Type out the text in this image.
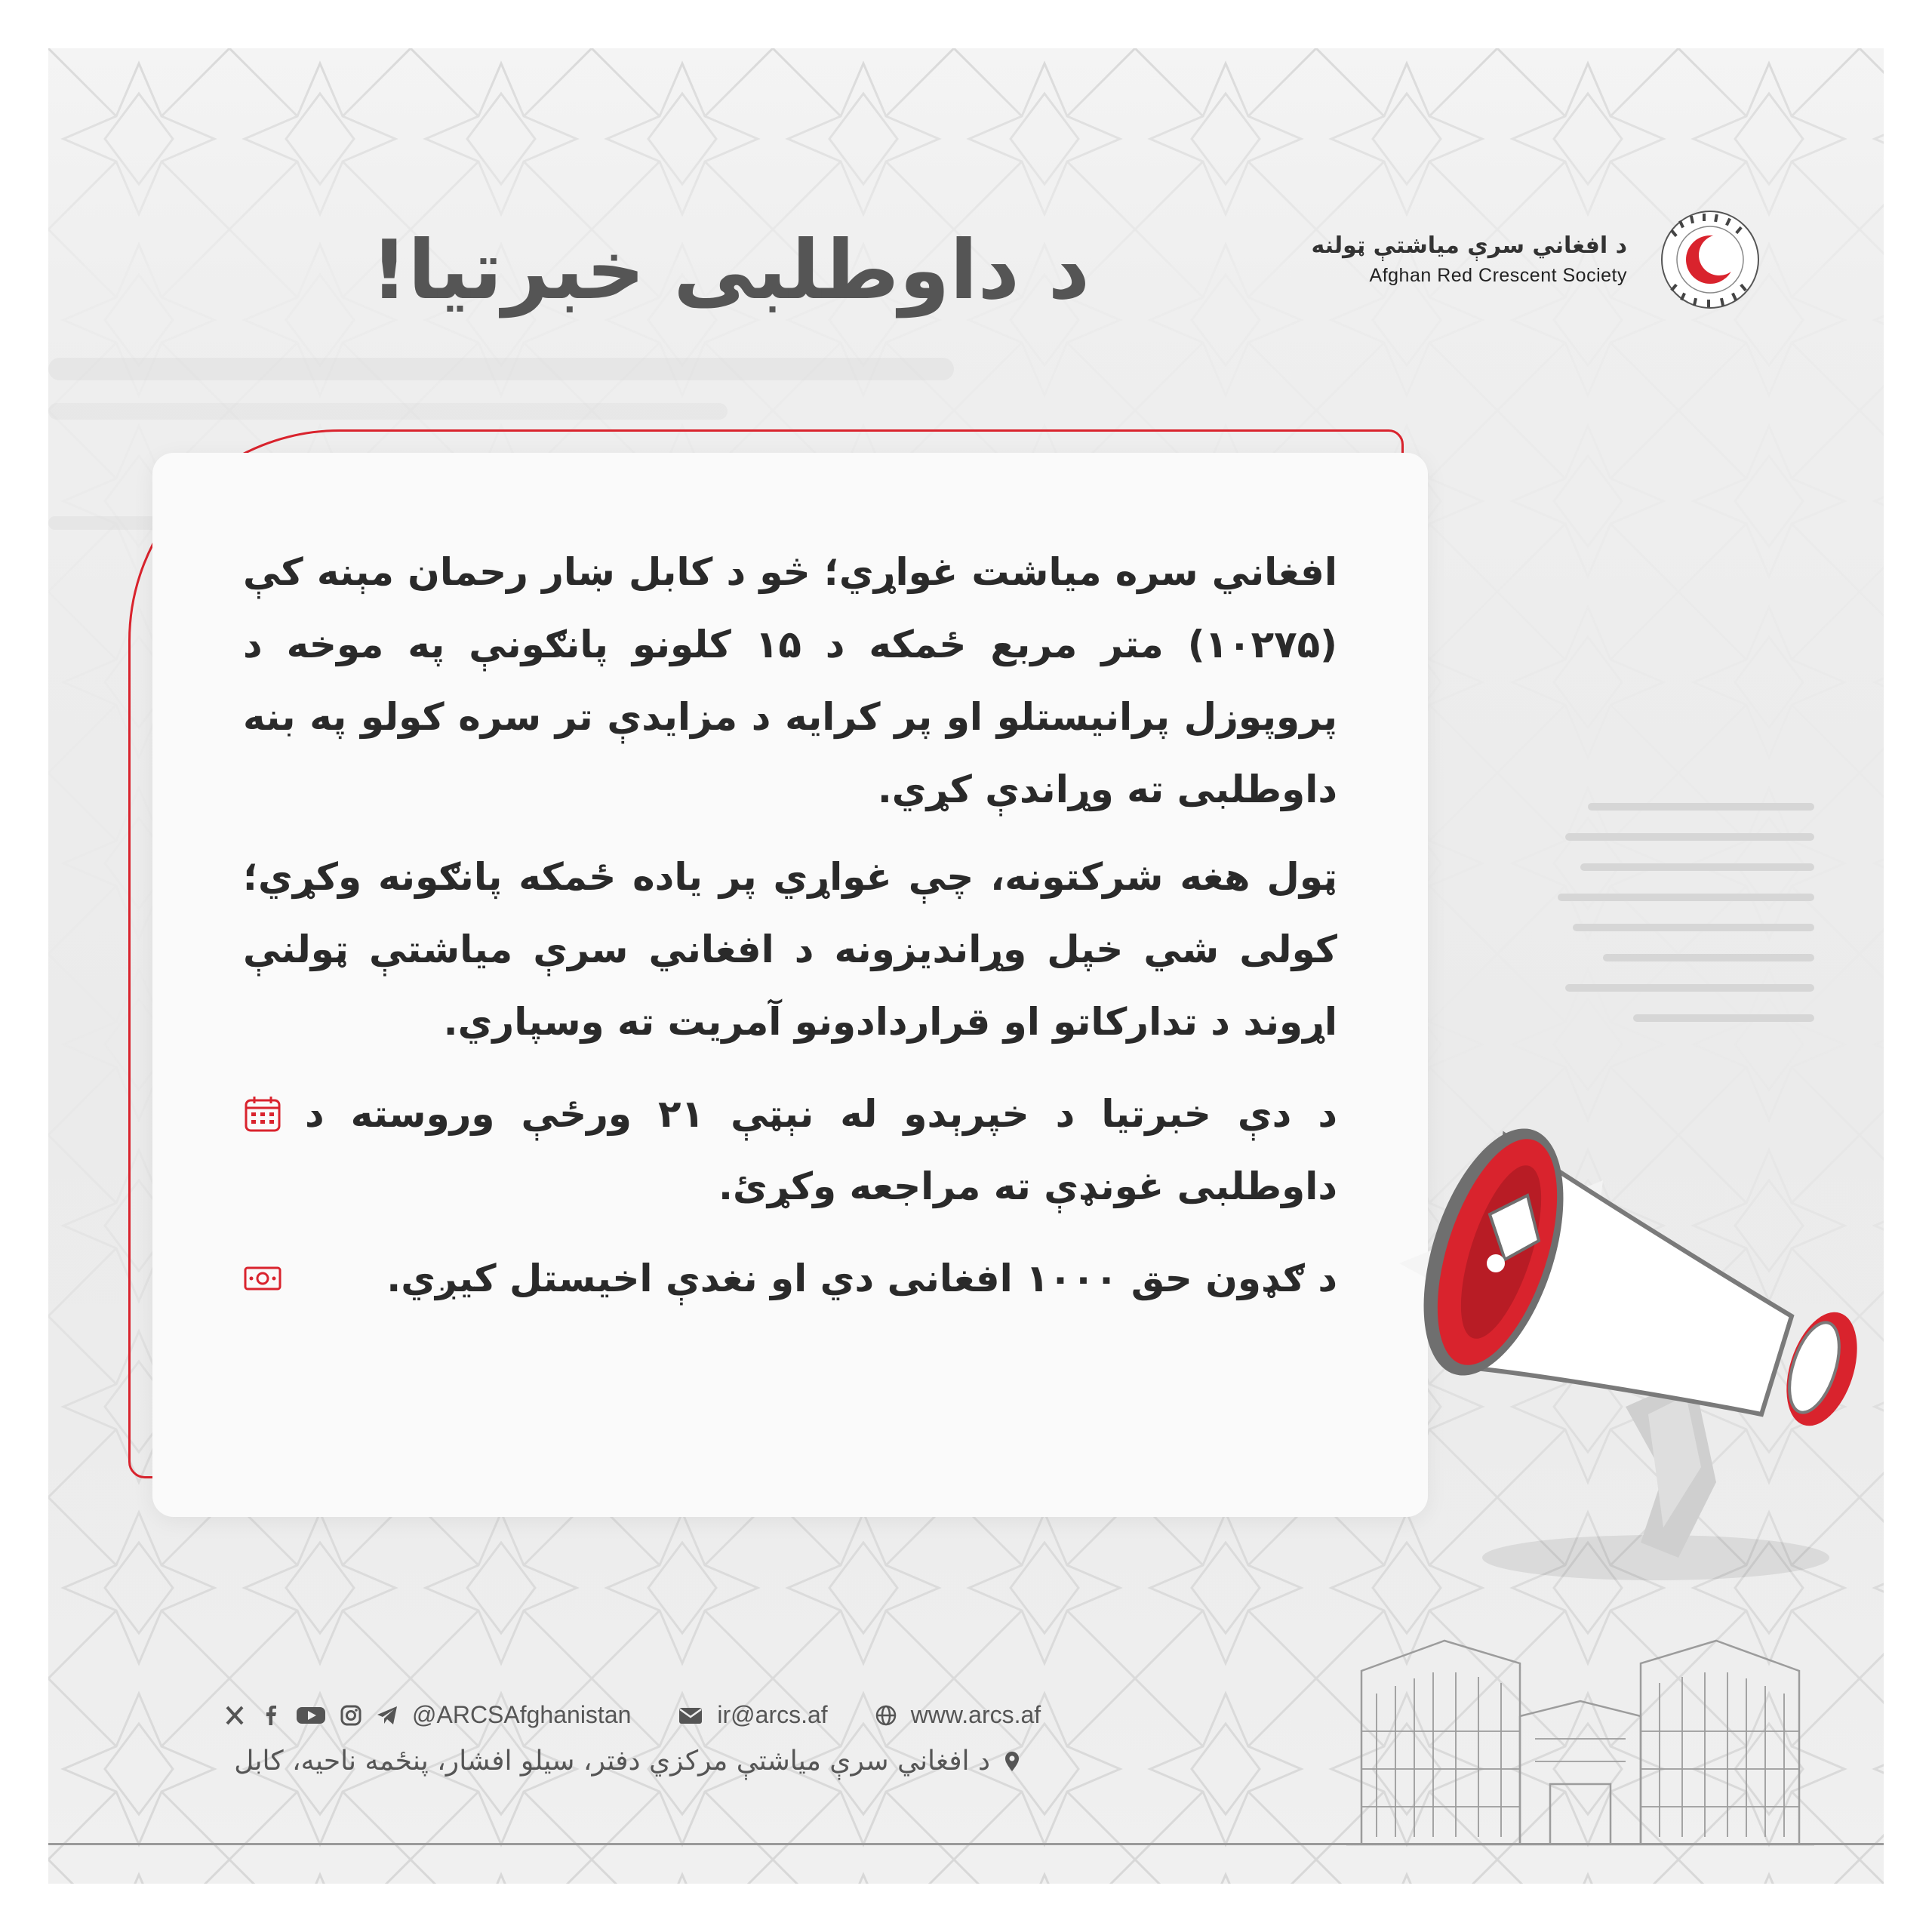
د داوطلبی خبرتیا!	د افغاني سرې میاشتې ټولنه
Afghan Red Crescent Society

افغاني سره میاشت غواړي؛ څو د کابل ښار رحمان مېنه کې (۱۰۲۷۵) متر مربع ځمکه د ۱۵ کلونو پانګونې په موخه د پروپوزل پرانیستلو او پر کرایه د مزایدې تر سره کولو په بنه داوطلبی ته وړاندې کړي.

ټول هغه شرکتونه، چې غواړي پر یاده ځمکه پانګونه وکړي؛ کولی شي خپل وړاندیزونه د افغاني سرې میاشتې ټولنې اړوند د تدارکاتو او قراردادونو آمریت ته وسپاري.

د دې خبرتیا د خپرېدو له نېټې ۲۱ ورځې وروسته د داوطلبی غونډې ته مراجعه وکړئ.
د ګډون حق ۱۰۰۰ افغانی دي او نغدې اخیستل کیږي.
@ARCSAfghanistan	ir@arcs.af	www.arcs.af
د افغاني سرې میاشتې مرکزي دفتر، سیلو افشار، پنځمه ناحیه، کابل
